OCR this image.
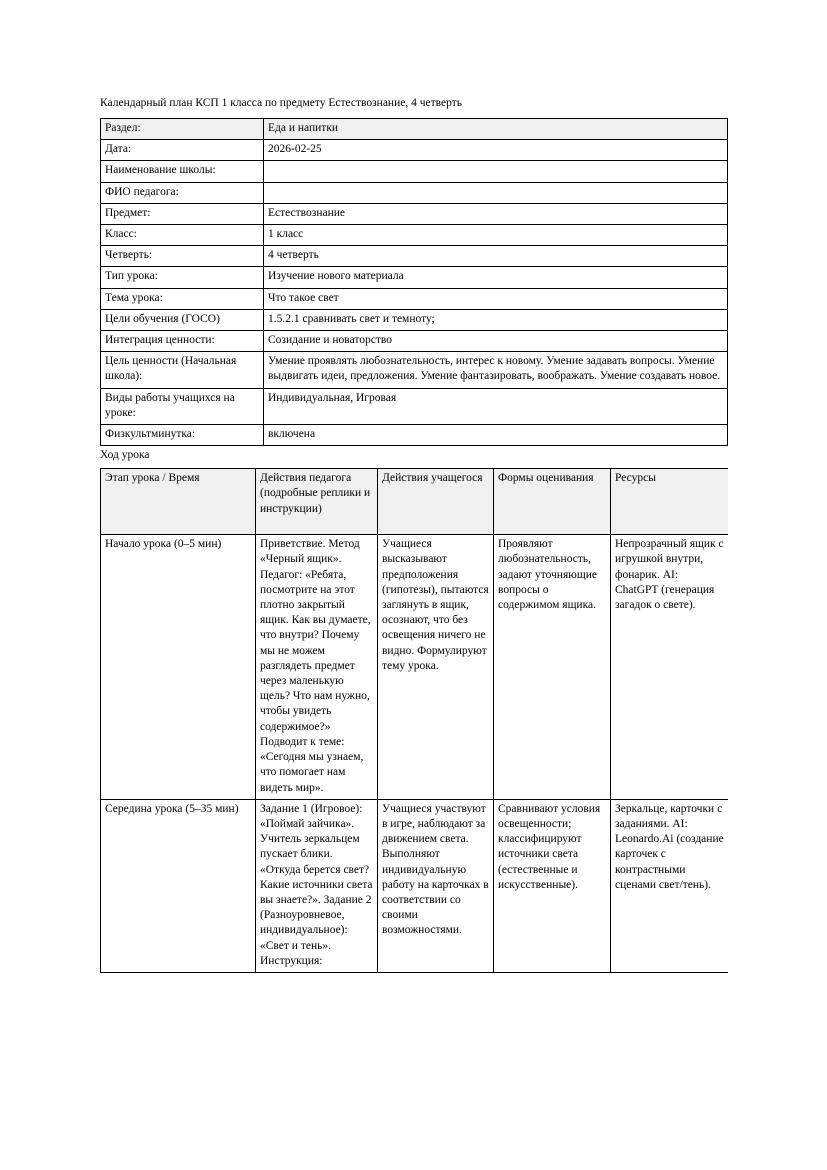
Календарный план КСП 1 класса по предмету Естествознание, 4 четверть

Раздел:	Еда и напитки
Дата:	2026-02-25
Наименование школы:	
ФИО педагога:	
Предмет:	Естествознание
Класс:	1 класс
Четверть:	4 четверть
Тип урока:	Изучение нового материала
Тема урока:	Что такое свет
Цели обучения (ГОСО)	1.5.2.1 сравнивать свет и темноту;
Интеграция ценности:	Созидание и новаторство
Цель ценности (Начальная школа):	Умение проявлять любознательность, интерес к новому. Умение задавать вопросы. Умение выдвигать идеи, предложения. Умение фантазировать, воображать. Умение создавать новое.
Виды работы учащихся на уроке:	Индивидуальная, Игровая
Физкультминутка:	включена

Ход урока

Этап урока / Время	Действия педагога (подробные реплики и инструкции)	Действия учащегося	Формы оценивания	Ресурсы

Начало урока (0–5 мин)	Приветствие. Метод «Черный ящик». Педагог: «Ребята, посмотрите на этот плотно закрытый ящик. Как вы думаете, что внутри? Почему мы не можем разглядеть предмет через маленькую щель? Что нам нужно, чтобы увидеть содержимое?» Подводит к теме: «Сегодня мы узнаем, что помогает нам видеть мир».	Учащиеся высказывают предположения (гипотезы), пытаются заглянуть в ящик, осознают, что без освещения ничего не видно. Формулируют тему урока.	Проявляют любознательность, задают уточняющие вопросы о содержимом ящика.	Непрозрачный ящик с игрушкой внутри, фонарик. AI: ChatGPT (генерация загадок о свете).

Середина урока (5–35 мин)	Задание 1 (Игровое): «Поймай зайчика». Учитель зеркальцем пускает блики. «Откуда берется свет? Какие источники света вы знаете?». Задание 2 (Разноуровневое, индивидуальное): «Свет и тень». Инструкция:	Учащиеся участвуют в игре, наблюдают за движением света. Выполняют индивидуальную работу на карточках в соответствии со своими возможностями.	Сравнивают условия освещенности; классифицируют источники света (естественные и искусственные).	Зеркальце, карточки с заданиями. AI: Leonardo.Ai (создание карточек с контрастными сценами свет/тень).
